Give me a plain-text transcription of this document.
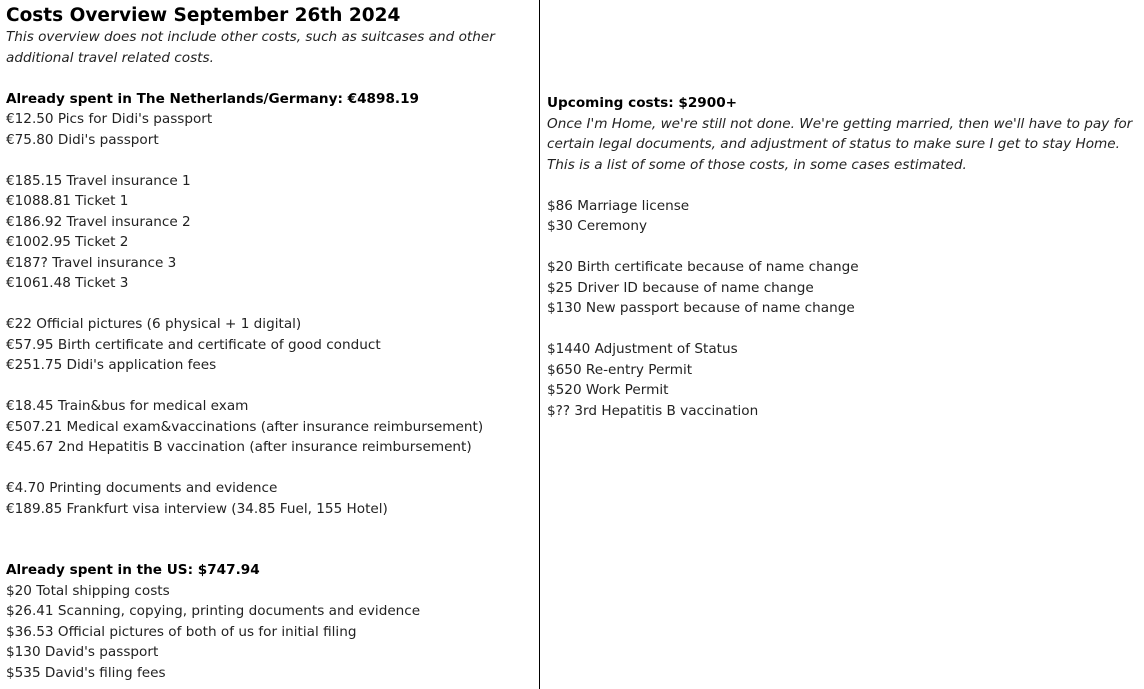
Costs Overview September 26th 2024

This overview does not include other costs, such as suitcases and other additional travel related costs.

Already spent in The Netherlands/Germany: €4898.19

€12.50 Pics for Didi's passport

€75.80 Didi's passport

€185.15 Travel insurance 1

€1088.81 Ticket 1

€186.92 Travel insurance 2

€1002.95 Ticket 2

€187? Travel insurance 3

€1061.48 Ticket 3

€22 Official pictures (6 physical + 1 digital)

€57.95 Birth certificate and certificate of good conduct

€251.75 Didi's application fees

€18.45 Train&bus for medical exam

€507.21 Medical exam&vaccinations (after insurance reimbursement)

€45.67 2nd Hepatitis B vaccination (after insurance reimbursement)

€4.70 Printing documents and evidence

€189.85 Frankfurt visa interview (34.85 Fuel, 155 Hotel)

Already spent in the US: $747.94

$20 Total shipping costs

$26.41 Scanning, copying, printing documents and evidence

$36.53 Official pictures of both of us for initial filing

$130 David's passport

$535 David's filing fees

Upcoming costs: $2900+

Once I'm Home, we're still not done. We're getting married, then we'll have to pay for certain legal documents, and adjustment of status to make sure I get to stay Home. This is a list of some of those costs, in some cases estimated.

$86 Marriage license

$30 Ceremony

$20 Birth certificate because of name change

$25 Driver ID because of name change

$130 New passport because of name change

$1440 Adjustment of Status

$650 Re-entry Permit

$520 Work Permit

$?? 3rd Hepatitis B vaccination
